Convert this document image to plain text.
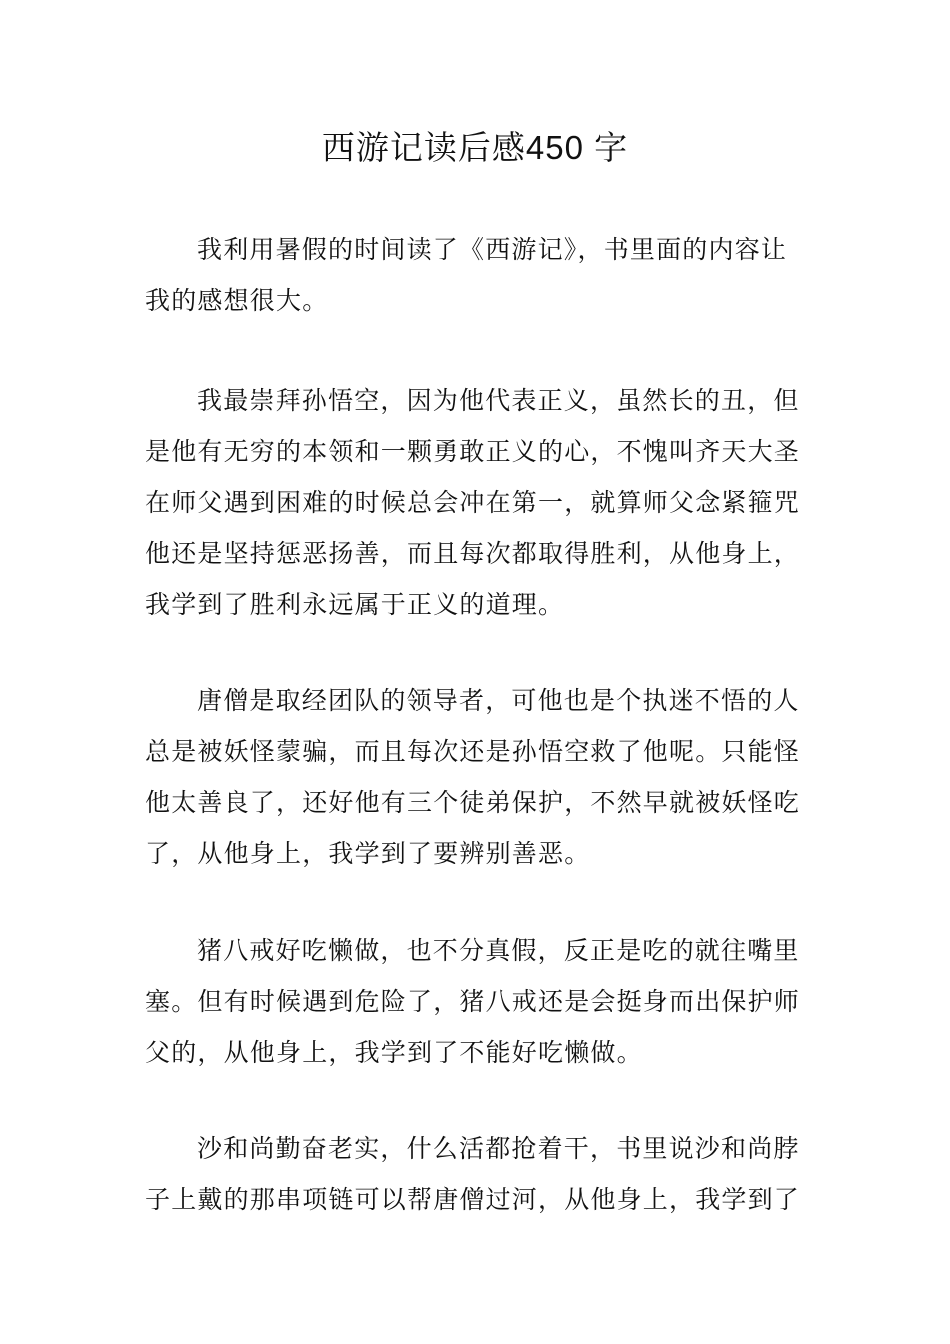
西游记读后感450 字
我利用暑假的时间读了《西游记》，书里面的内容让
我的感想很大。
我最崇拜孙悟空，因为他代表正义，虽然长的丑，但
是他有无穷的本领和一颗勇敢正义的心，不愧叫齐天大圣
在师父遇到困难的时候总会冲在第一，就算师父念紧箍咒
他还是坚持惩恶扬善，而且每次都取得胜利，从他身上，
我学到了胜利永远属于正义的道理。
唐僧是取经团队的领导者，可他也是个执迷不悟的人
总是被妖怪蒙骗，而且每次还是孙悟空救了他呢。只能怪
他太善良了，还好他有三个徒弟保护，不然早就被妖怪吃
了，从他身上，我学到了要辨别善恶。
猪八戒好吃懒做，也不分真假，反正是吃的就往嘴里
塞。但有时候遇到危险了，猪八戒还是会挺身而出保护师
父的，从他身上，我学到了不能好吃懒做。
沙和尚勤奋老实，什么活都抢着干，书里说沙和尚脖
子上戴的那串项链可以帮唐僧过河，从他身上，我学到了
